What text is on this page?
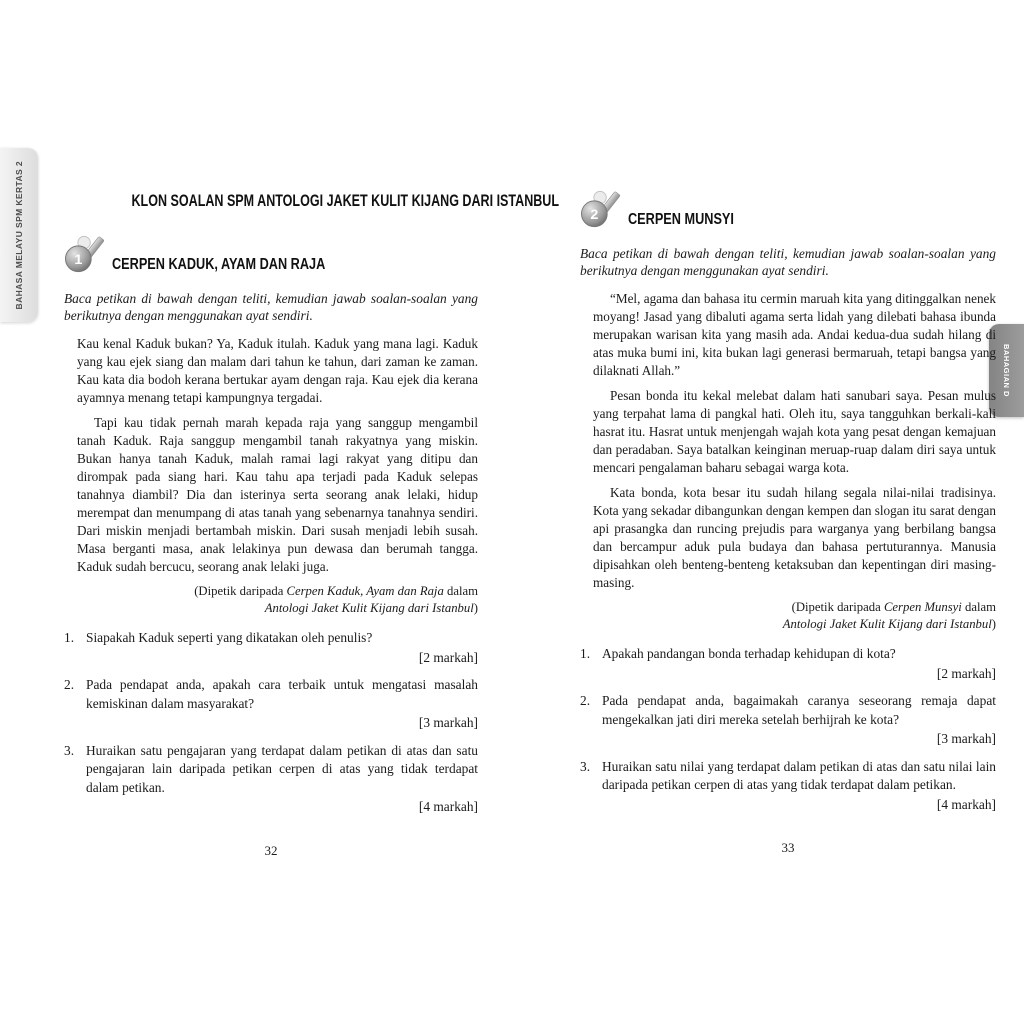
BAHASA MELAYU SPM KERTAS 2
BAHAGIAN D
KLON SOALAN SPM ANTOLOGI JAKET KULIT KIJANG DARI ISTANBUL
1 CERPEN KADUK, AYAM DAN RAJA

Baca petikan di bawah dengan teliti, kemudian jawab soalan-soalan yang berikutnya dengan menggunakan ayat sendiri.

Kau kenal Kaduk bukan? Ya, Kaduk itulah. Kaduk yang mana lagi. Kaduk yang kau ejek siang dan malam dari tahun ke tahun, dari zaman ke zaman. Kau kata dia bodoh kerana bertukar ayam dengan raja. Kau ejek dia kerana ayamnya menang tetapi kampungnya tergadai.

Tapi kau tidak pernah marah kepada raja yang sanggup mengambil tanah Kaduk. Raja sanggup mengambil tanah rakyatnya yang miskin. Bukan hanya tanah Kaduk, malah ramai lagi rakyat yang ditipu dan dirompak pada siang hari. Kau tahu apa terjadi pada Kaduk selepas tanahnya diambil? Dia dan isterinya serta seorang anak lelaki, hidup merempat dan menumpang di atas tanah yang sebenarnya tanahnya sendiri. Dari miskin menjadi bertambah miskin. Dari susah menjadi lebih susah. Masa berganti masa, anak lelakinya pun dewasa dan berumah tangga. Kaduk sudah bercucu, seorang anak lelaki juga.

(Dipetik daripada Cerpen Kaduk, Ayam dan Raja dalam
Antologi Jaket Kulit Kijang dari Istanbul)
1. Siapakah Kaduk seperti yang dikatakan oleh penulis?
[2 markah]
2. Pada pendapat anda, apakah cara terbaik untuk mengatasi masalah kemiskinan dalam masyarakat?
[3 markah]
3. Huraikan satu pengajaran yang terdapat dalam petikan di atas dan satu pengajaran lain daripada petikan cerpen di atas yang tidak terdapat dalam petikan.
[4 markah]
32
2 CERPEN MUNSYI

Baca petikan di bawah dengan teliti, kemudian jawab soalan-soalan yang berikutnya dengan menggunakan ayat sendiri.

“Mel, agama dan bahasa itu cermin maruah kita yang ditinggalkan nenek moyang! Jasad yang dibaluti agama serta lidah yang dilebati bahasa ibunda merupakan warisan kita yang masih ada. Andai kedua-dua sudah hilang di atas muka bumi ini, kita bukan lagi generasi bermaruah, tetapi bangsa yang dilaknati Allah.”

Pesan bonda itu kekal melebat dalam hati sanubari saya. Pesan mulus yang terpahat lama di pangkal hati. Oleh itu, saya tangguhkan berkali-kali hasrat itu. Hasrat untuk menjengah wajah kota yang pesat dengan kemajuan dan peradaban. Saya batalkan keinginan meruap-ruap dalam diri saya untuk mencari pengalaman baharu sebagai warga kota.

Kata bonda, kota besar itu sudah hilang segala nilai-nilai tradisinya. Kota yang sekadar dibangunkan dengan kempen dan slogan itu sarat dengan api prasangka dan runcing prejudis para warganya yang berbilang bangsa dan bercampur aduk pula budaya dan bahasa pertuturannya. Manusia dipisahkan oleh benteng-benteng ketaksuban dan kepentingan diri masing-masing.

(Dipetik daripada Cerpen Munsyi dalam
Antologi Jaket Kulit Kijang dari Istanbul)
1. Apakah pandangan bonda terhadap kehidupan di kota?
[2 markah]
2. Pada pendapat anda, bagaimakah caranya seseorang remaja dapat mengekalkan jati diri mereka setelah berhijrah ke kota?
[3 markah]
3. Huraikan satu nilai yang terdapat dalam petikan di atas dan satu nilai lain daripada petikan cerpen di atas yang tidak terdapat dalam petikan.
[4 markah]
33
